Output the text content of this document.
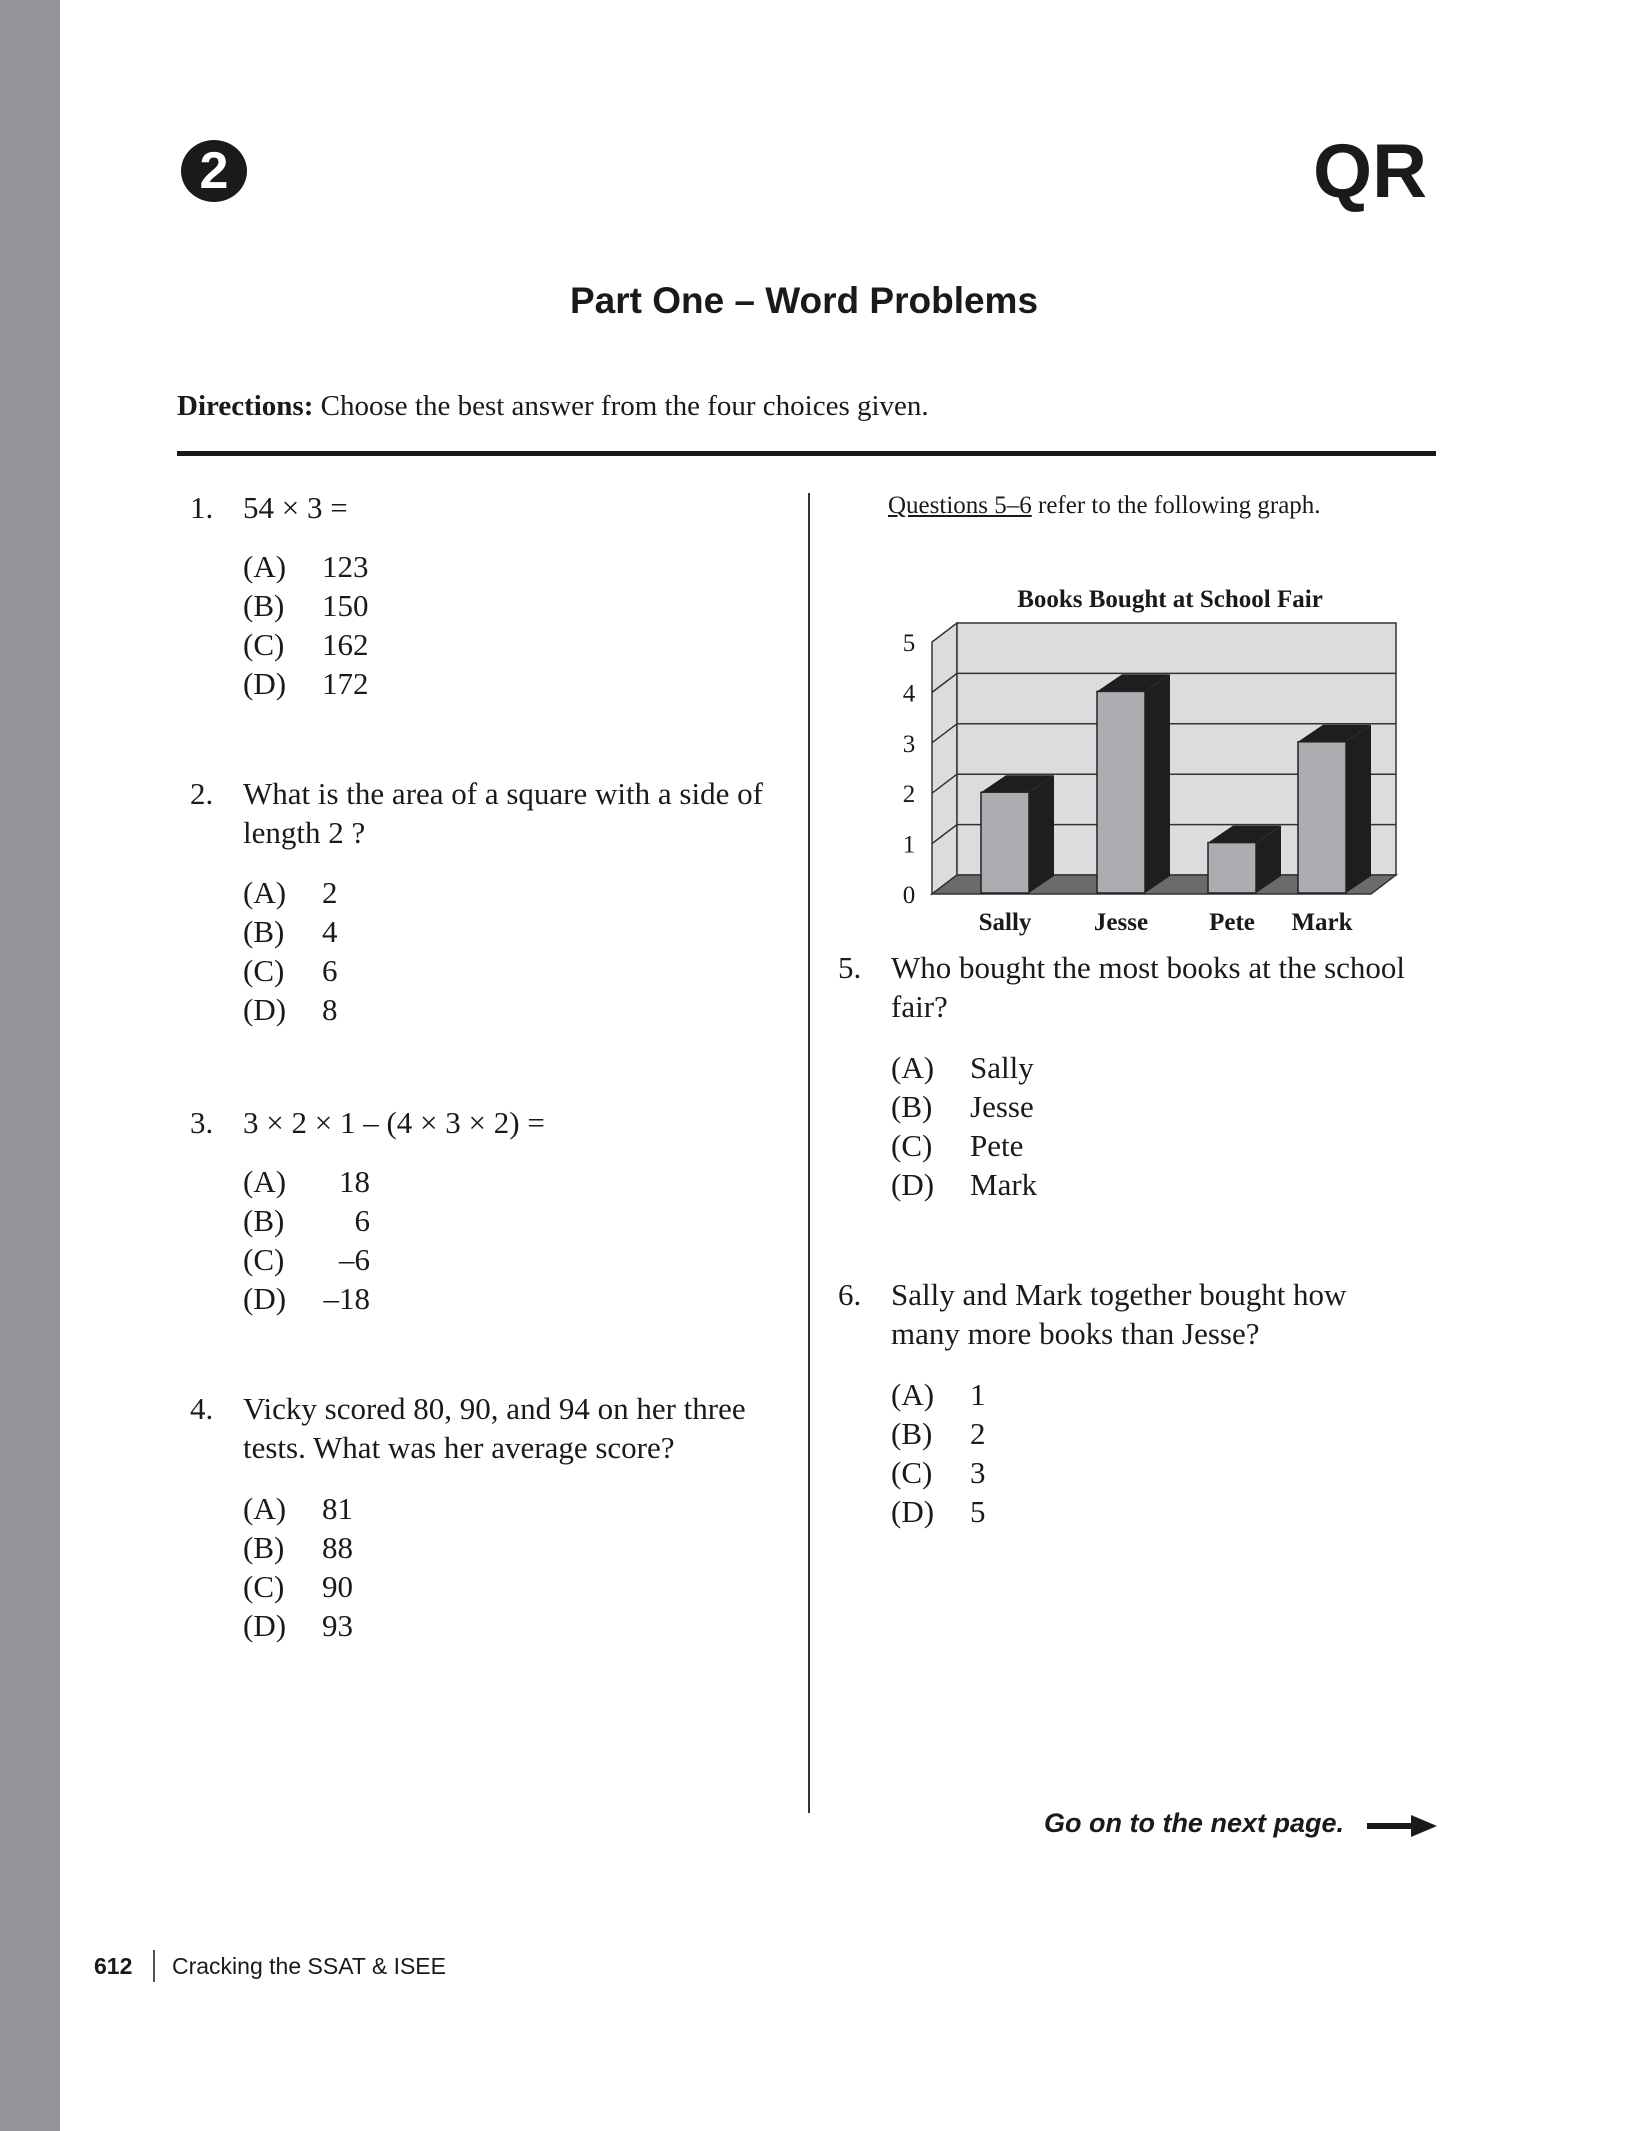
2	QR
Part One – Word Problems
Directions: Choose the best answer from the four choices given.
1. 54 × 3 =
(A) 123
(B) 150
(C) 162
(D) 172
2. What is the area of a square with a side of
length 2 ?
(A) 2
(B) 4
(C) 6
(D) 8
3. 3 × 2 × 1 – (4 × 3 × 2) =
(A)	18
(B)	6
(C)	–6
(D) –18
4. Vicky scored 80, 90, and 94 on her three
tests. What was her average score?
(A) 81
(B) 88
(C) 90
(D) 93
5. Who bought the most books at the school
fair?
(A) Sally
(B) Jesse
(C) Pete
(D) Mark
6. Sally and Mark together bought how
many more books than Jesse?
(A) 1
(B) 2
(C) 3
(D) 5
Questions 5–6 refer to the following graph.
Sally	Jesse Pete Mark
0
1
2
3
4
5
Books Bought at School Fair
Go on to the next page.
612 Cracking the SSAT & ISEE
